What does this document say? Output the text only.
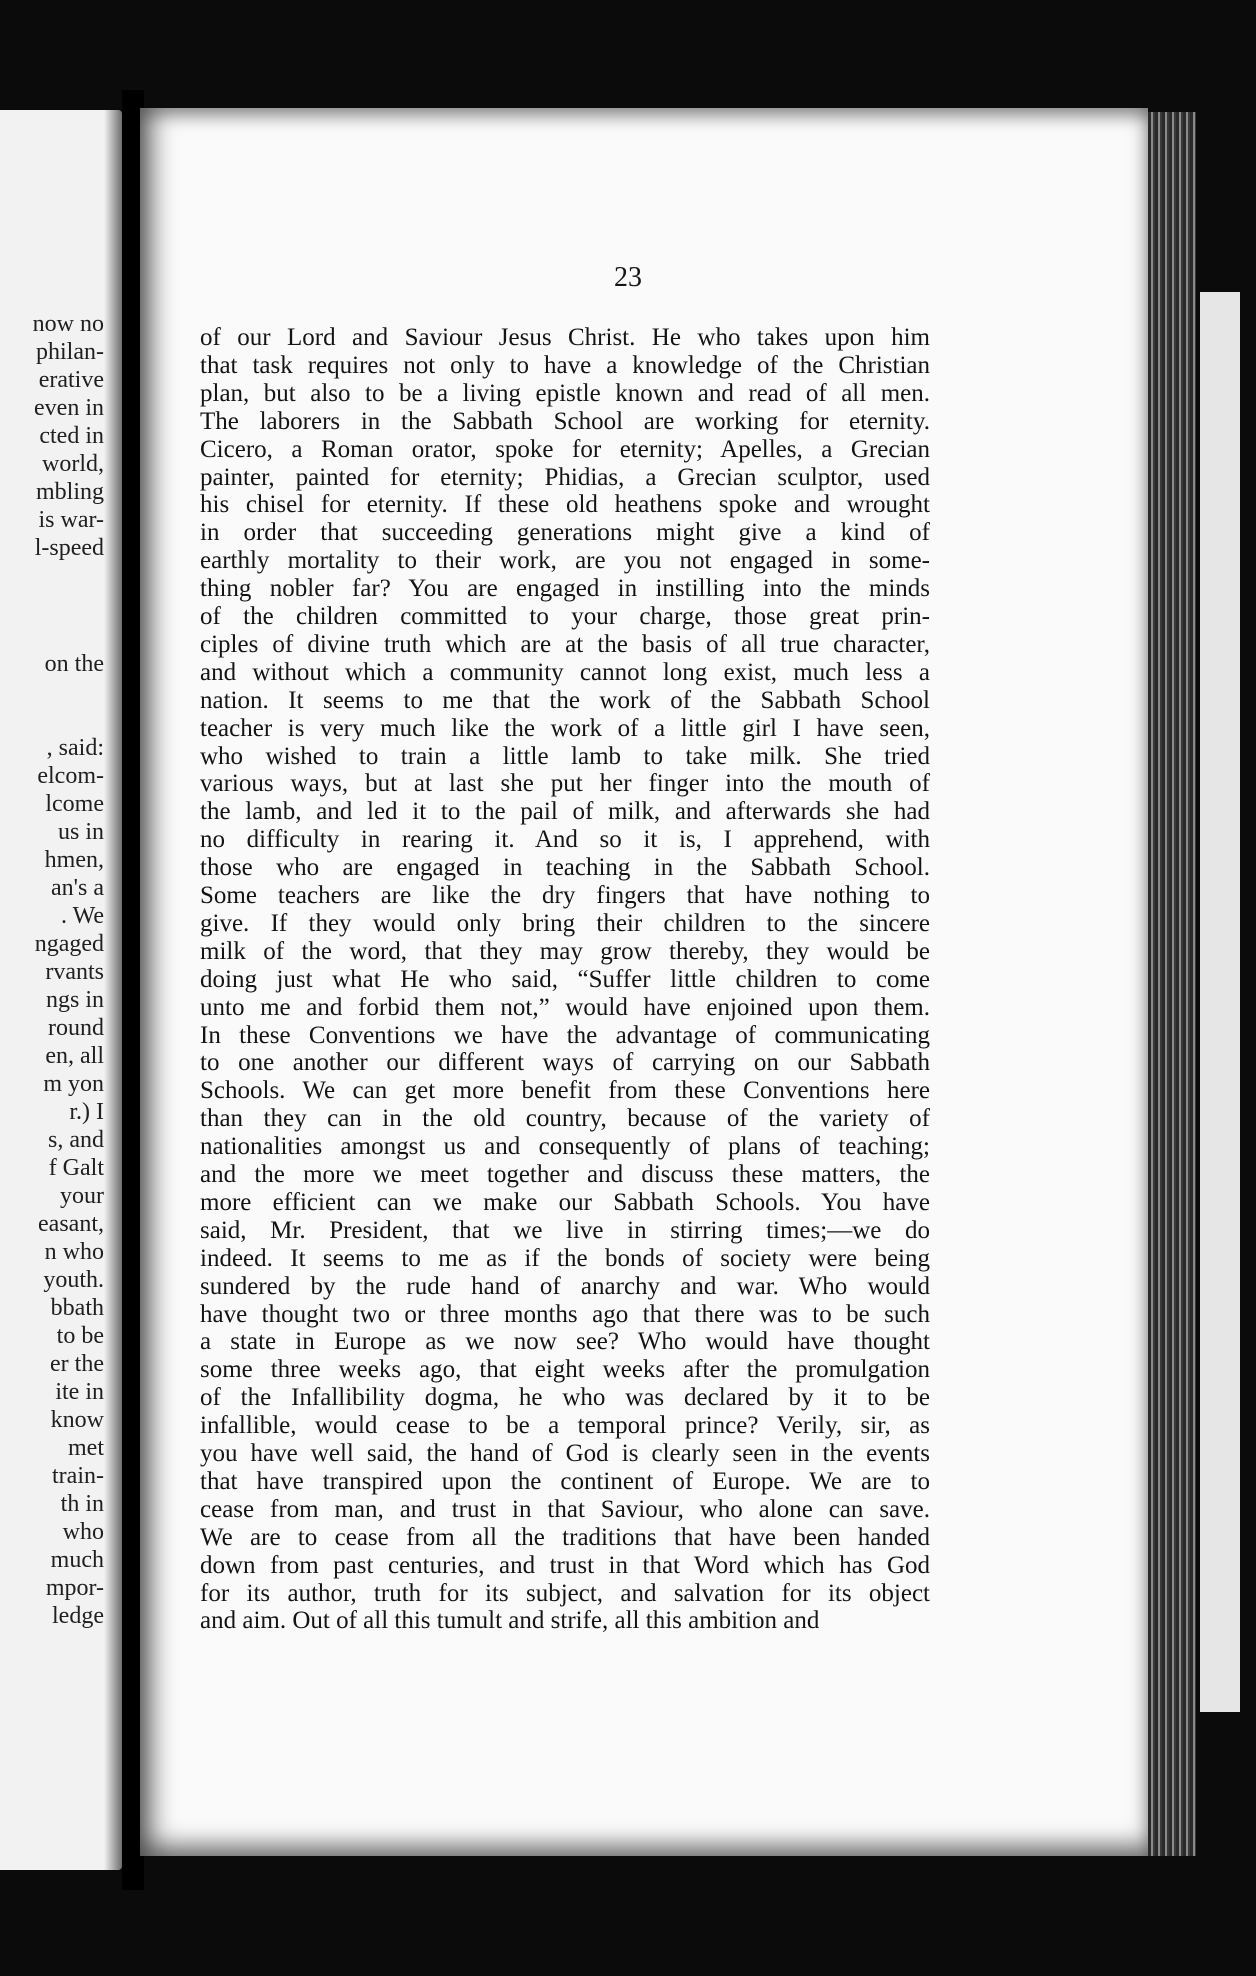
now no
philan-
erative
even in
cted in
world,
mbling
is war-
l-speed
on the
, said:
elcom-
lcome
us in
hmen,
an's a
. We
ngaged
rvants
ngs in
round
en, all
m yon
r.) I
s, and
f Galt
your
easant,
n who
youth.
bbath
to be
er the
ite in
know
met
train-
th in
who
much
mpor-
ledge
23
of our Lord and Saviour Jesus Christ. He who takes upon him
that task requires not only to have a knowledge of the Christian
plan, but also to be a living epistle known and read of all men.
The laborers in the Sabbath School are working for eternity.
Cicero, a Roman orator, spoke for eternity; Apelles, a Grecian
painter, painted for eternity; Phidias, a Grecian sculptor, used
his chisel for eternity. If these old heathens spoke and wrought
in order that succeeding generations might give a kind of
earthly mortality to their work, are you not engaged in some-
thing nobler far? You are engaged in instilling into the minds
of the children committed to your charge, those great prin-
ciples of divine truth which are at the basis of all true character,
and without which a community cannot long exist, much less a
nation. It seems to me that the work of the Sabbath School
teacher is very much like the work of a little girl I have seen,
who wished to train a little lamb to take milk. She tried
various ways, but at last she put her finger into the mouth of
the lamb, and led it to the pail of milk, and afterwards she had
no difficulty in rearing it. And so it is, I apprehend, with
those who are engaged in teaching in the Sabbath School.
Some teachers are like the dry fingers that have nothing to
give. If they would only bring their children to the sincere
milk of the word, that they may grow thereby, they would be
doing just what He who said, “Suffer little children to come
unto me and forbid them not,” would have enjoined upon them.
In these Conventions we have the advantage of communicating
to one another our different ways of carrying on our Sabbath
Schools. We can get more benefit from these Conventions here
than they can in the old country, because of the variety of
nationalities amongst us and consequently of plans of teaching;
and the more we meet together and discuss these matters, the
more efficient can we make our Sabbath Schools. You have
said, Mr. President, that we live in stirring times;—we do
indeed. It seems to me as if the bonds of society were being
sundered by the rude hand of anarchy and war. Who would
have thought two or three months ago that there was to be such
a state in Europe as we now see? Who would have thought
some three weeks ago, that eight weeks after the promulgation
of the Infallibility dogma, he who was declared by it to be
infallible, would cease to be a temporal prince? Verily, sir, as
you have well said, the hand of God is clearly seen in the events
that have transpired upon the continent of Europe. We are to
cease from man, and trust in that Saviour, who alone can save.
We are to cease from all the traditions that have been handed
down from past centuries, and trust in that Word which has God
for its author, truth for its subject, and salvation for its object
and aim. Out of all this tumult and strife, all this ambition and
